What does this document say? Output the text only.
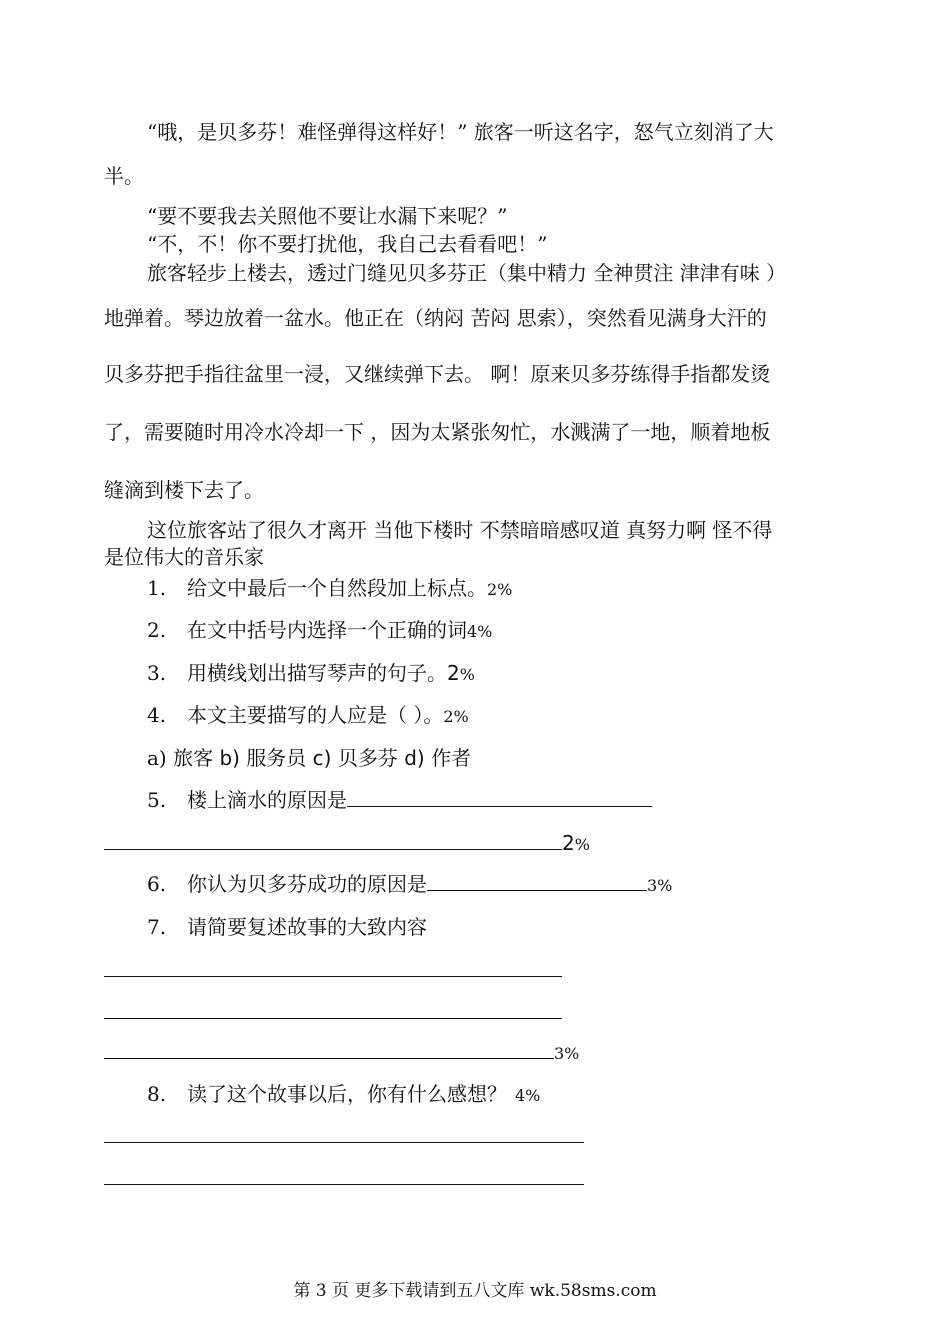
“哦，是贝多芬！难怪弹得这样好！” 旅客一听这名字，怒气立刻消了大
半。
“要不要我去关照他不要让水漏下来呢？”
“不，不！你不要打扰他，我自己去看看吧！”
旅客轻步上楼去，透过门缝见贝多芬正（集中精力 全神贯注 津津有味 ）
地弹着。琴边放着一盆水。他正在（纳闷 苦闷 思索），突然看见满身大汗的
贝多芬把手指往盆里一浸，又继续弹下去。 啊！原来贝多芬练得手指都发烫
了，需要随时用冷水冷却一下 ，因为太紧张匆忙，水溅满了一地，顺着地板
缝滴到楼下去了。
这位旅客站了很久才离开 当他下楼时 不禁暗暗感叹道 真努力啊 怪不得
是位伟大的音乐家
1. 给文中最后一个自然段加上标点。2%
2. 在文中括号内选择一个正确的词4%
3. 用横线划出描写琴声的句子。2%
4. 本文主要描写的人应是（ ）。2%
a) 旅客 b) 服务员 c) 贝多芬 d) 作者
5. 楼上滴水的原因是
2%
6. 你认为贝多芬成功的原因是	3%
7. 请简要复述故事的大致内容
3%
8. 读了这个故事以后，你有什么感想？ 4%
第 3 页 更多下载请到五八文库 wk.58sms.com
